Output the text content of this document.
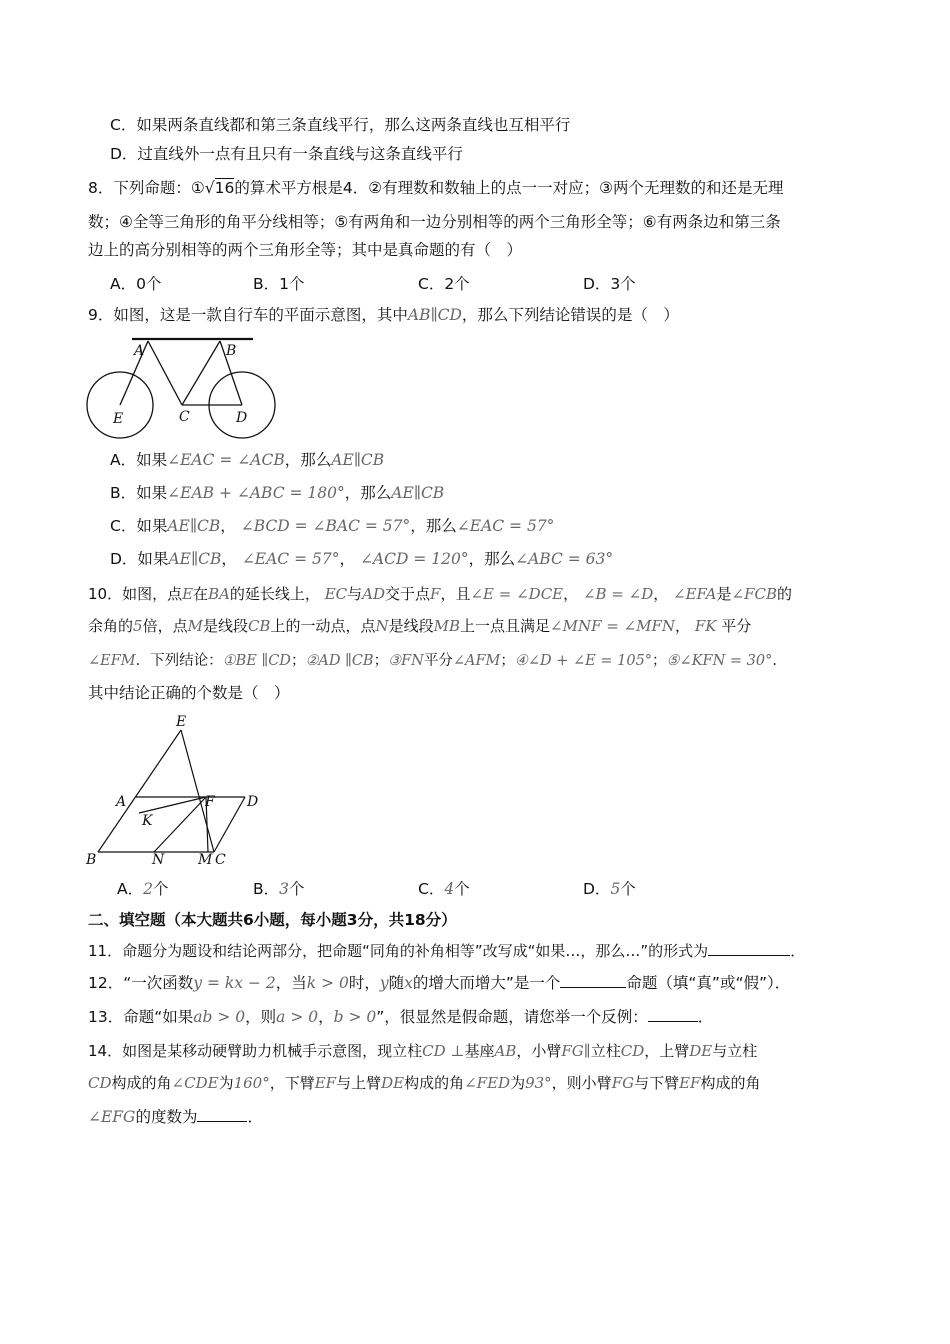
C．如果两条直线都和第三条直线平行，那么这两条直线也互相平行
D．过直线外一点有且只有一条直线与这条直线平行
8．下列命题：①√16的算术平方根是4．②有理数和数轴上的点一一对应；③两个无理数的和还是无理
数；④全等三角形的角平分线相等；⑤有两角和一边分别相等的两个三角形全等；⑥有两条边和第三条
边上的高分别相等的两个三角形全等；其中是真命题的有（　）
A．0个	B．1个	C．2个	D．3个
9．如图，这是一款自行车的平面示意图，其中AB∥CD，那么下列结论错误的是（　）
A	B
C	D
E
A．如果∠EAC = ∠ACB，那么AE∥CB
B．如果∠EAB + ∠ABC = 180°，那么AE∥CB
C．如果AE∥CB， ∠BCD = ∠BAC = 57°，那么∠EAC = 57°
D．如果AE∥CB， ∠EAC = 57°， ∠ACD = 120°，那么∠ABC = 63°
10．如图，点E在BA的延长线上， EC与AD交于点F，且∠E = ∠DCE， ∠B = ∠D， ∠EFA是∠FCB的
余角的5倍，点M是线段CB上的一动点，点N是线段MB上一点且满足∠MNF = ∠MFN， FK 平分
∠EFM．下列结论：①BE ∥CD；②AD ∥CB；③FN平分∠AFM；④∠D + ∠E = 105°；⑤∠KFN = 30°．
其中结论正确的个数是（　）
E
A	F D
K
B	N M C
A．2个	B．3个	C．4个	D．5个
二、填空题（本大题共6小题，每小题3分，共18分）
11．命题分为题设和结论两部分，把命题“同角的补角相等”改写成“如果…，那么…”的形式为	．
12．“一次函数y = kx − 2，当k > 0时，y随x的增大而增大”是一个	命题（填“真”或“假”）．
13．命题“如果ab > 0，则a > 0，b > 0”，很显然是假命题，请您举一个反例：	．
14．如图是某移动硬臂助力机械手示意图，现立柱CD ⊥基座AB，小臂FG∥立柱CD，上臂DE与立柱
CD构成的角∠CDE为160°，下臂EF与上臂DE构成的角∠FED为93°，则小臂FG与下臂EF构成的角
∠EFG的度数为	．
